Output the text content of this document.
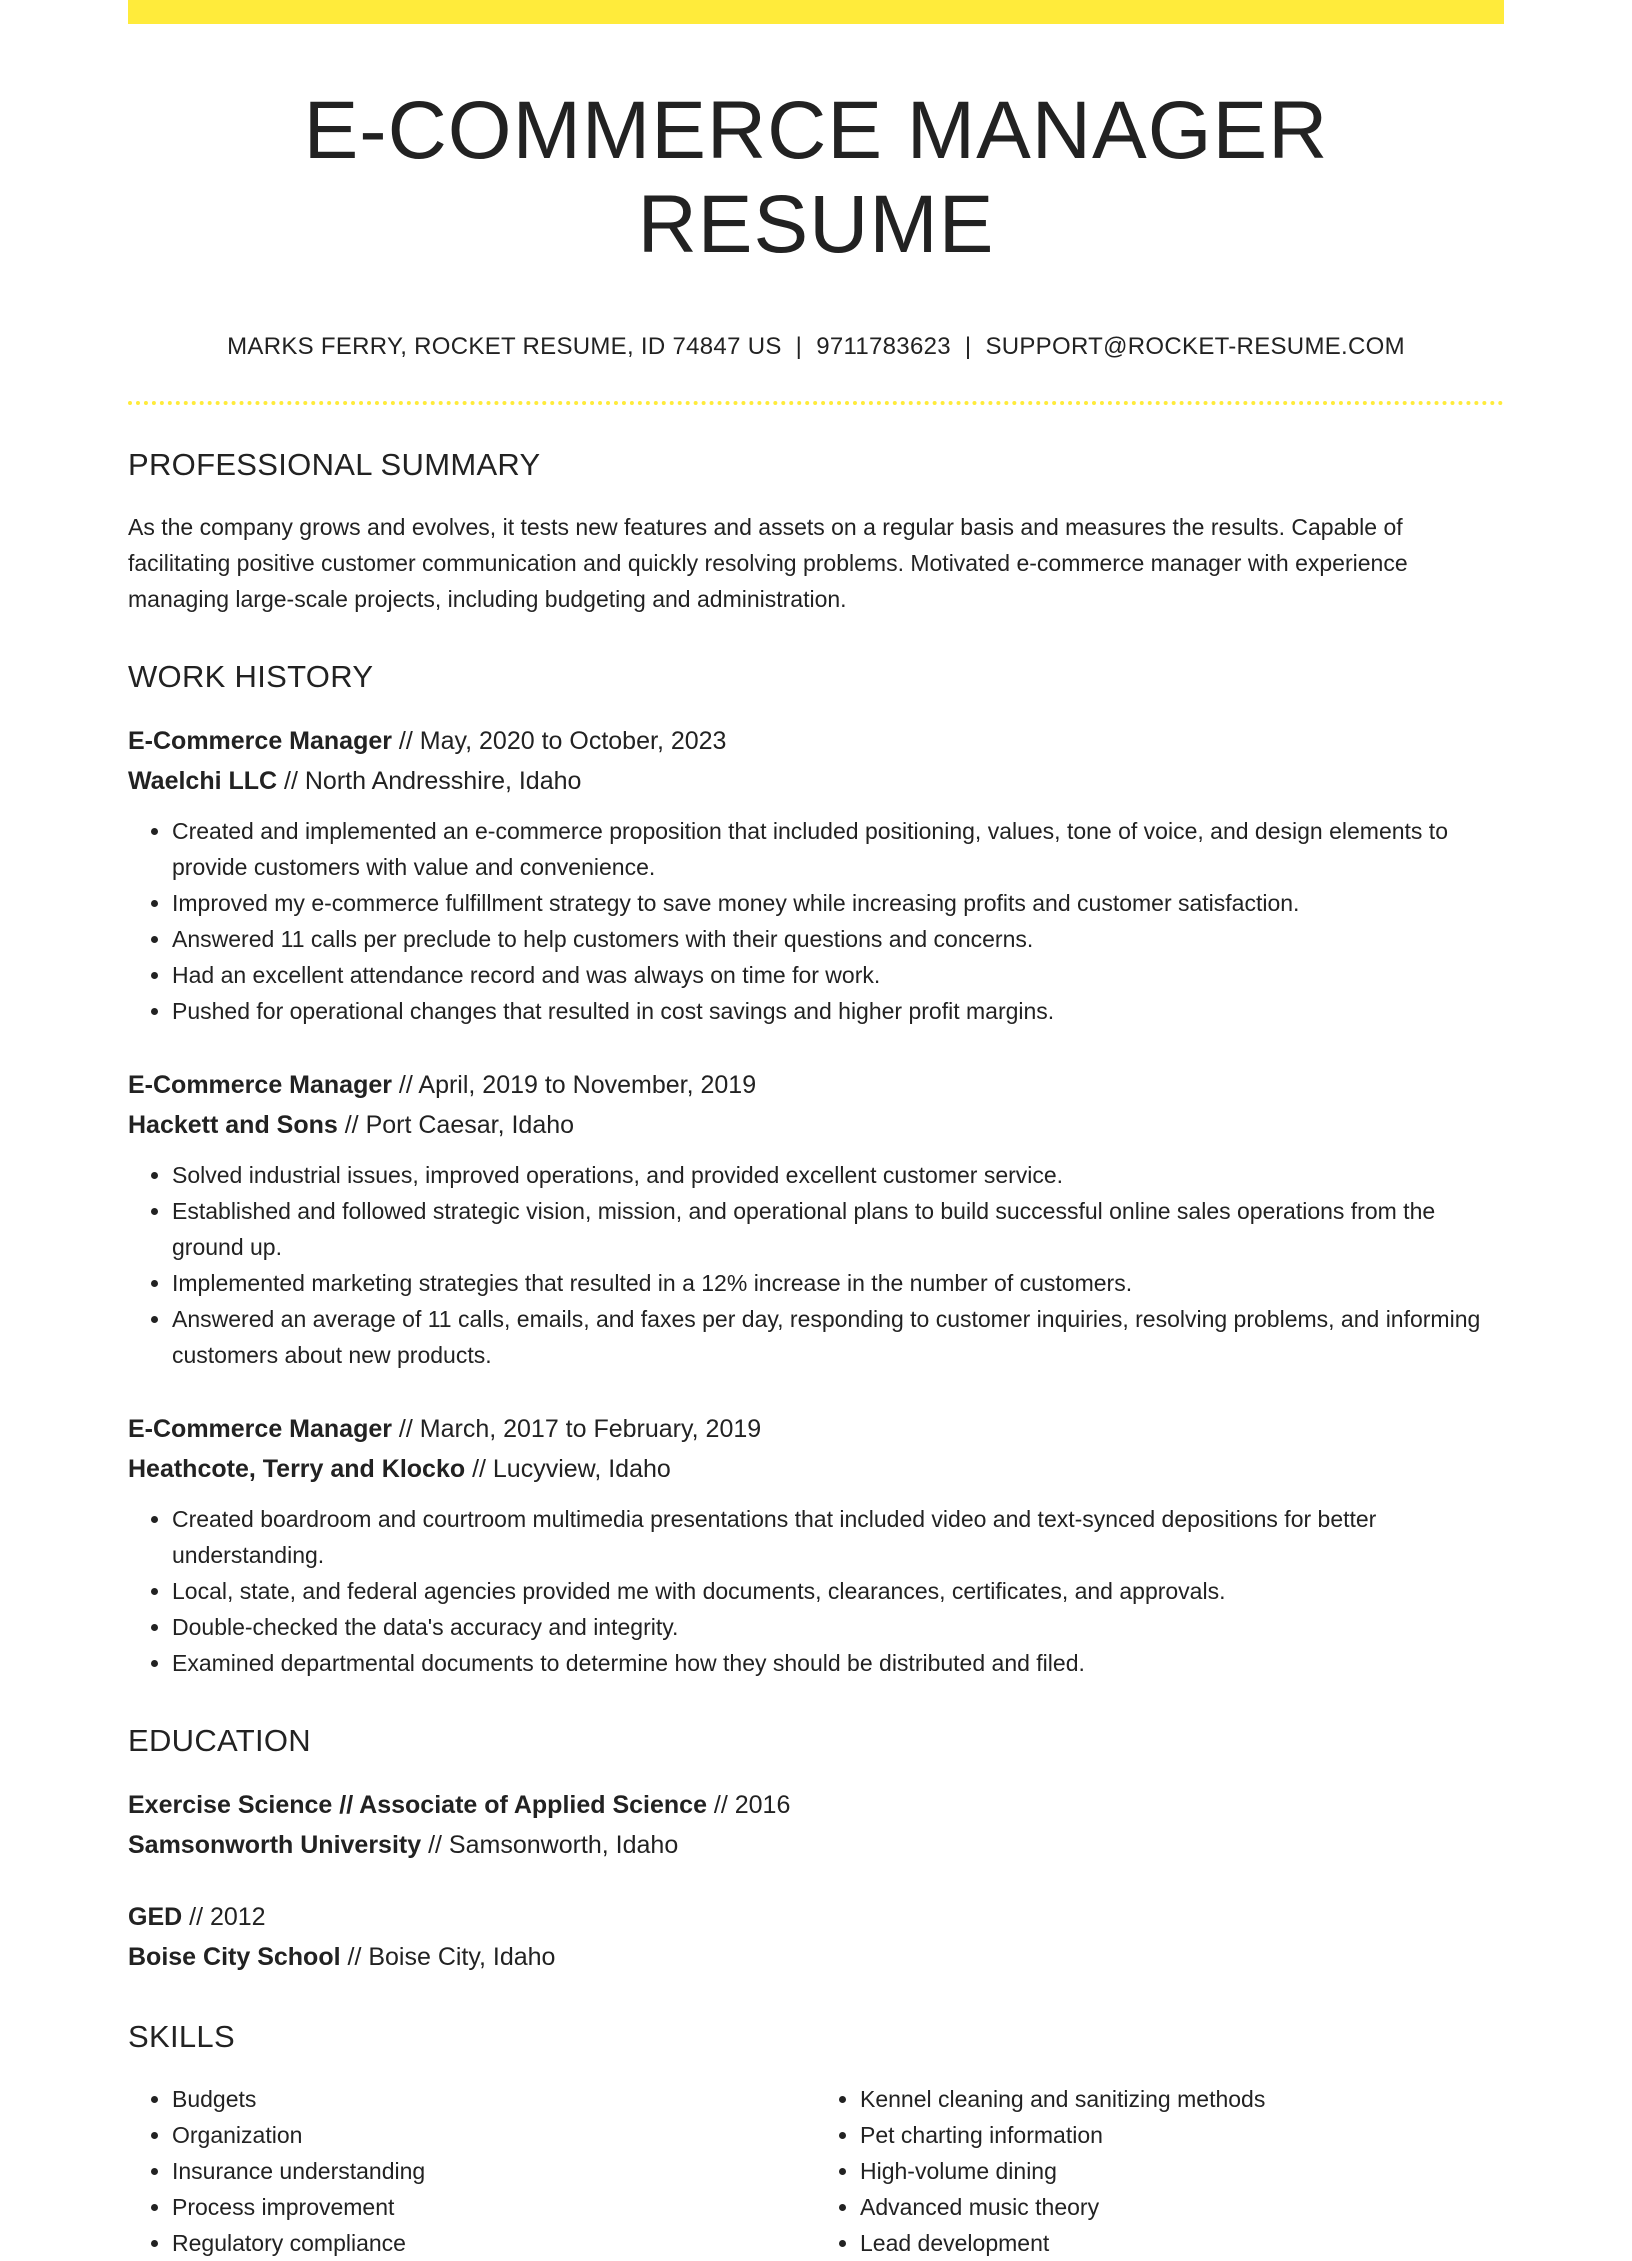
E-COMMERCE MANAGER RESUME
MARKS FERRY, ROCKET RESUME, ID 74847 US | 9711783623 | SUPPORT@ROCKET-RESUME.COM
PROFESSIONAL SUMMARY

As the company grows and evolves, it tests new features and assets on a regular basis and measures the results. Capable of facilitating positive customer communication and quickly resolving problems. Motivated e-commerce manager with experience managing large-scale projects, including budgeting and administration.

WORK HISTORY
E-Commerce Manager // May, 2020 to October, 2023
Waelchi LLC // North Andresshire, Idaho
• Created and implemented an e-commerce proposition that included positioning, values, tone of voice, and design elements to provide customers with value and convenience.
• Improved my e-commerce fulfillment strategy to save money while increasing profits and customer satisfaction.
• Answered 11 calls per preclude to help customers with their questions and concerns.
• Had an excellent attendance record and was always on time for work.
• Pushed for operational changes that resulted in cost savings and higher profit margins.
E-Commerce Manager // April, 2019 to November, 2019
Hackett and Sons // Port Caesar, Idaho
• Solved industrial issues, improved operations, and provided excellent customer service.
• Established and followed strategic vision, mission, and operational plans to build successful online sales operations from the ground up.
• Implemented marketing strategies that resulted in a 12% increase in the number of customers.
• Answered an average of 11 calls, emails, and faxes per day, responding to customer inquiries, resolving problems, and informing customers about new products.
E-Commerce Manager // March, 2017 to February, 2019
Heathcote, Terry and Klocko // Lucyview, Idaho
• Created boardroom and courtroom multimedia presentations that included video and text-synced depositions for better understanding.
• Local, state, and federal agencies provided me with documents, clearances, certificates, and approvals.
• Double-checked the data's accuracy and integrity.
• Examined departmental documents to determine how they should be distributed and filed.
EDUCATION
Exercise Science // Associate of Applied Science // 2016
Samsonworth University // Samsonworth, Idaho
GED // 2012
Boise City School // Boise City, Idaho
SKILLS
• Budgets
• Organization
• Insurance understanding
• Process improvement
• Regulatory compliance
• Kennel cleaning and sanitizing methods
• Pet charting information
• High-volume dining
• Advanced music theory
• Lead development
